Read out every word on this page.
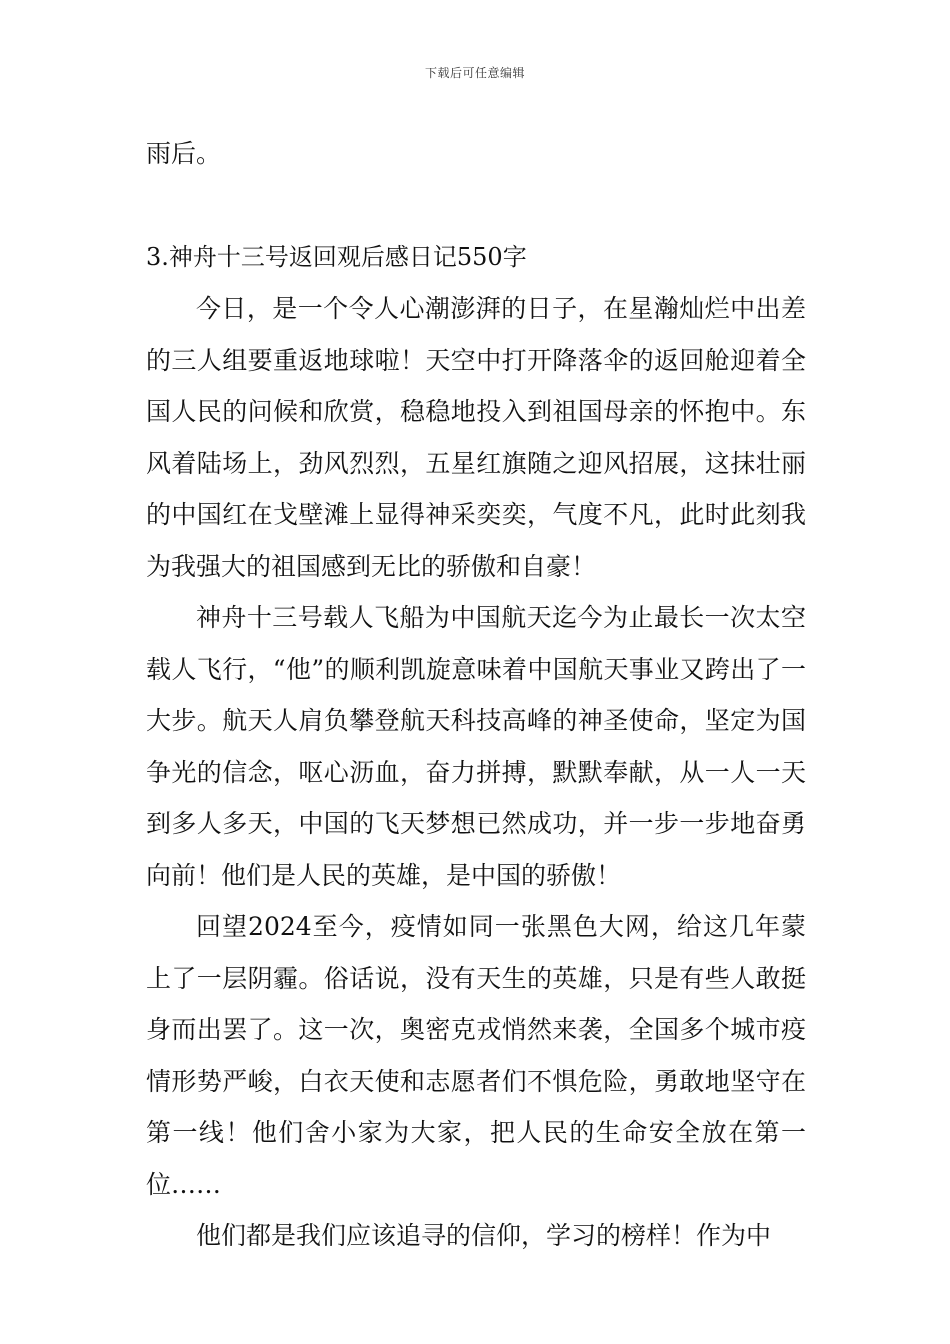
下载后可任意编辑

雨后。

3.神舟十三号返回观后感日记550字

今日，是一个令人心潮澎湃的日子，在星瀚灿烂中出差的三人组要重返地球啦！天空中打开降落伞的返回舱迎着全国人民的问候和欣赏，稳稳地投入到祖国母亲的怀抱中。东风着陆场上，劲风烈烈，五星红旗随之迎风招展，这抹壮丽的中国红在戈壁滩上显得神采奕奕，气度不凡，此时此刻我为我强大的祖国感到无比的骄傲和自豪！

神舟十三号载人飞船为中国航天迄今为止最长一次太空载人飞行，“他”的顺利凯旋意味着中国航天事业又跨出了一大步。航天人肩负攀登航天科技高峰的神圣使命，坚定为国争光的信念，呕心沥血，奋力拼搏，默默奉献，从一人一天到多人多天，中国的飞天梦想已然成功，并一步一步地奋勇向前！他们是人民的英雄，是中国的骄傲！

回望2024至今，疫情如同一张黑色大网，给这几年蒙上了一层阴霾。俗话说，没有天生的英雄，只是有些人敢挺身而出罢了。这一次，奥密克戎悄然来袭，全国多个城市疫情形势严峻，白衣天使和志愿者们不惧危险，勇敢地坚守在第一线！他们舍小家为大家，把人民的生命安全放在第一位……

他们都是我们应该追寻的信仰，学习的榜样！作为中
